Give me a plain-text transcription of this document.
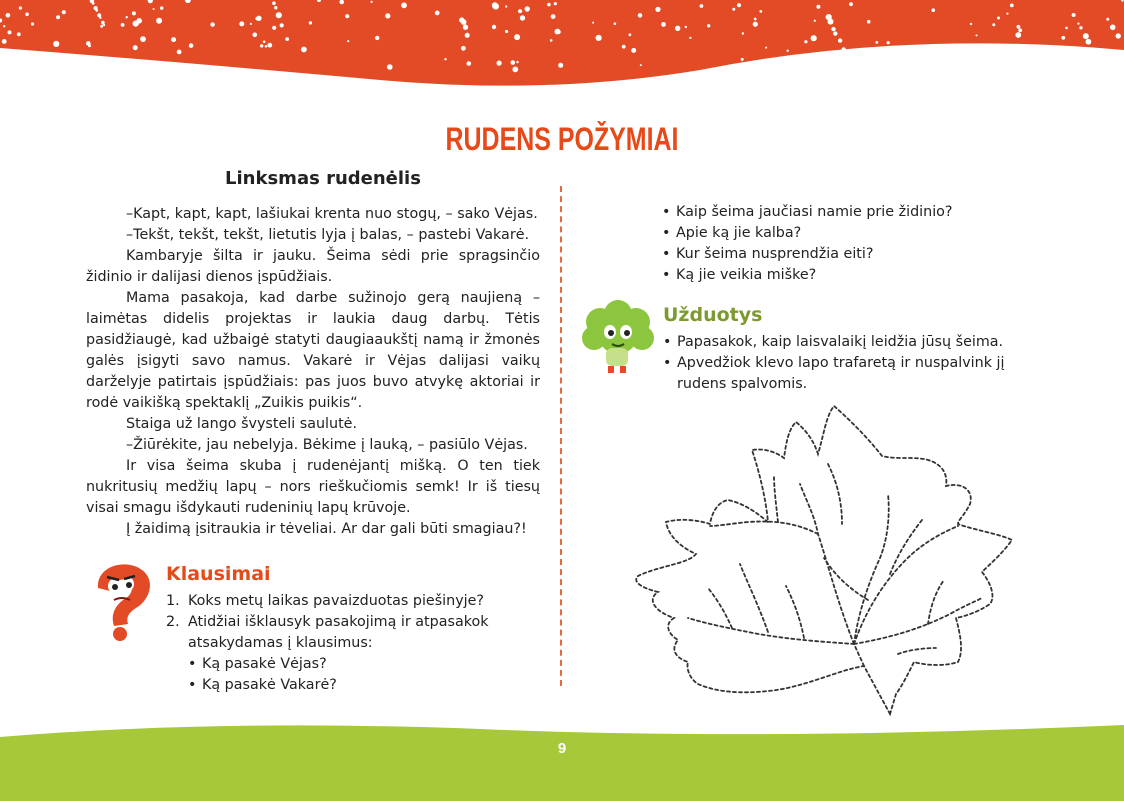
RUDENS POŽYMIAI
Linksmas rudenėlis

–Kapt, kapt, kapt, lašiukai krenta nuo stogų, – sako Vėjas.

–Tekšt, tekšt, tekšt, lietutis lyja į balas, – pastebi Vakarė.

Kambaryje šilta ir jauku. Šeima sėdi prie spragsinčio židinio ir dalijasi dienos įspūdžiais.

Mama pasakoja, kad darbe sužinojo gerą naujieną – laimėtas didelis projektas ir laukia daug darbų. Tėtis pasidžiaugė, kad užbaigė statyti daugiaaukštį namą ir žmonės galės įsigyti savo namus. Vakarė ir Vėjas dalijasi vaikų darželyje patirtais įspūdžiais: pas juos buvo atvykę aktoriai ir rodė vaikišką spektaklį „Zuikis puikis“.

Staiga už lango švysteli saulutė.

–Žiūrėkite, jau nebelyja. Bėkime į lauką, – pasiūlo Vėjas.

Ir visa šeima skuba į rudenėjantį mišką. O ten tiek nukritusių medžių lapų – nors rieškučiomis semk! Ir iš tiesų visai smagu išdykauti rudeninių lapų krūvoje.

Į žaidimą įsitraukia ir tėveliai. Ar dar gali būti smagiau?!

Klausimai
1. Koks metų laikas pavaizduotas piešinyje?
2. Atidžiai išklausyk pasakojimą ir atpasakok atsakydamas į klausimus:
• Ką pasakė Vėjas?
• Ką pasakė Vakarė?
• Kaip šeima jaučiasi namie prie židinio?
• Apie ką jie kalba?
• Kur šeima nusprendžia eiti?
• Ką jie veikia miške?
Užduotys
• Papasakok, kaip laisvalaikį leidžia jūsų šeima.
• Apvedžiok klevo lapo trafaretą ir nuspalvink jį rudens spalvomis.
9
